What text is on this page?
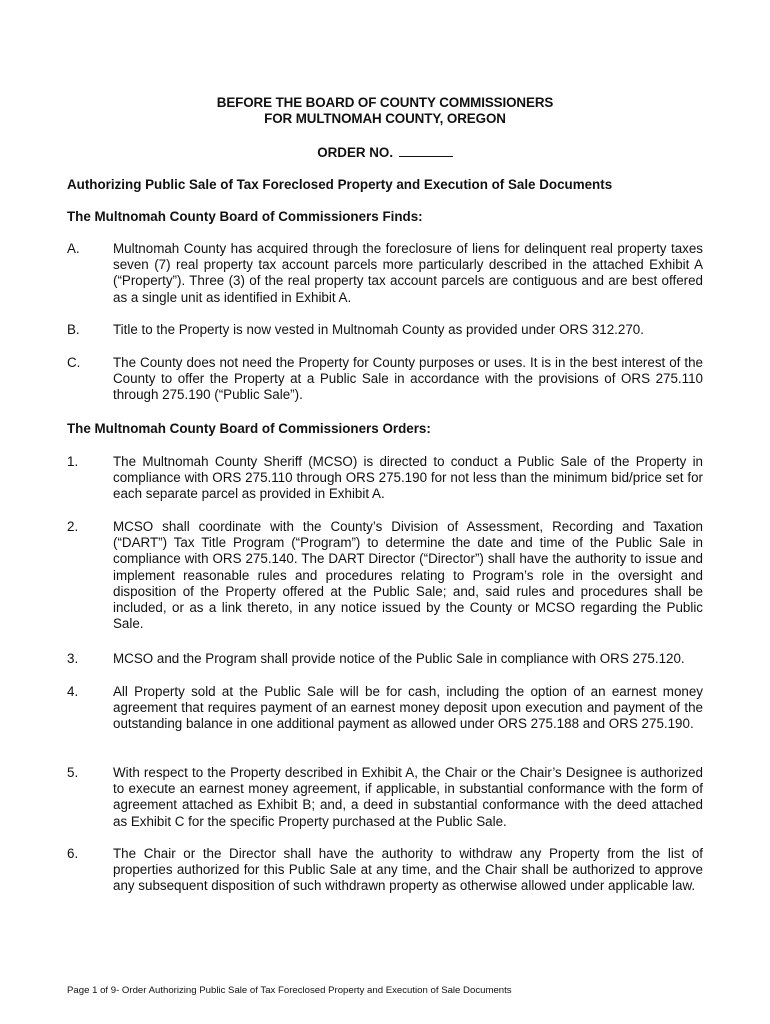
BEFORE THE BOARD OF COUNTY COMMISSIONERS
FOR MULTNOMAH COUNTY, OREGON
ORDER NO.
Authorizing Public Sale of Tax Foreclosed Property and Execution of Sale Documents
The Multnomah County Board of Commissioners Finds:
A.	Multnomah County has acquired through the foreclosure of liens for delinquent real property taxes seven (7) real property tax account parcels more particularly described in the attached Exhibit A (“Property”). Three (3) of the real property tax account parcels are contiguous and are best offered as a single unit as identified in Exhibit A.
B.	Title to the Property is now vested in Multnomah County as provided under ORS 312.270.
C.	The County does not need the Property for County purposes or uses. It is in the best interest of the County to offer the Property at a Public Sale in accordance with the provisions of ORS 275.110 through 275.190 (“Public Sale”).
The Multnomah County Board of Commissioners Orders:
1.	The Multnomah County Sheriff (MCSO) is directed to conduct a Public Sale of the Property in compliance with ORS 275.110 through ORS 275.190 for not less than the minimum bid/price set for each separate parcel as provided in Exhibit A.
2.	MCSO shall coordinate with the County’s Division of Assessment, Recording and Taxation (“DART”) Tax Title Program (“Program”) to determine the date and time of the Public Sale in compliance with ORS 275.140. The DART Director (“Director”) shall have the authority to issue and implement reasonable rules and procedures relating to Program’s role in the oversight and disposition of the Property offered at the Public Sale; and, said rules and procedures shall be included, or as a link thereto, in any notice issued by the County or MCSO regarding the Public Sale.
3.	MCSO and the Program shall provide notice of the Public Sale in compliance with ORS 275.120.
4.	All Property sold at the Public Sale will be for cash, including the option of an earnest money agreement that requires payment of an earnest money deposit upon execution and payment of the outstanding balance in one additional payment as allowed under ORS 275.188 and ORS 275.190.
5.	With respect to the Property described in Exhibit A, the Chair or the Chair’s Designee is authorized to execute an earnest money agreement, if applicable, in substantial conformance with the form of agreement attached as Exhibit B; and, a deed in substantial conformance with the deed attached as Exhibit C for the specific Property purchased at the Public Sale.
6.	The Chair or the Director shall have the authority to withdraw any Property from the list of properties authorized for this Public Sale at any time, and the Chair shall be authorized to approve any subsequent disposition of such withdrawn property as otherwise allowed under applicable law.
Page 1 of 9- Order Authorizing Public Sale of Tax Foreclosed Property and Execution of Sale Documents
